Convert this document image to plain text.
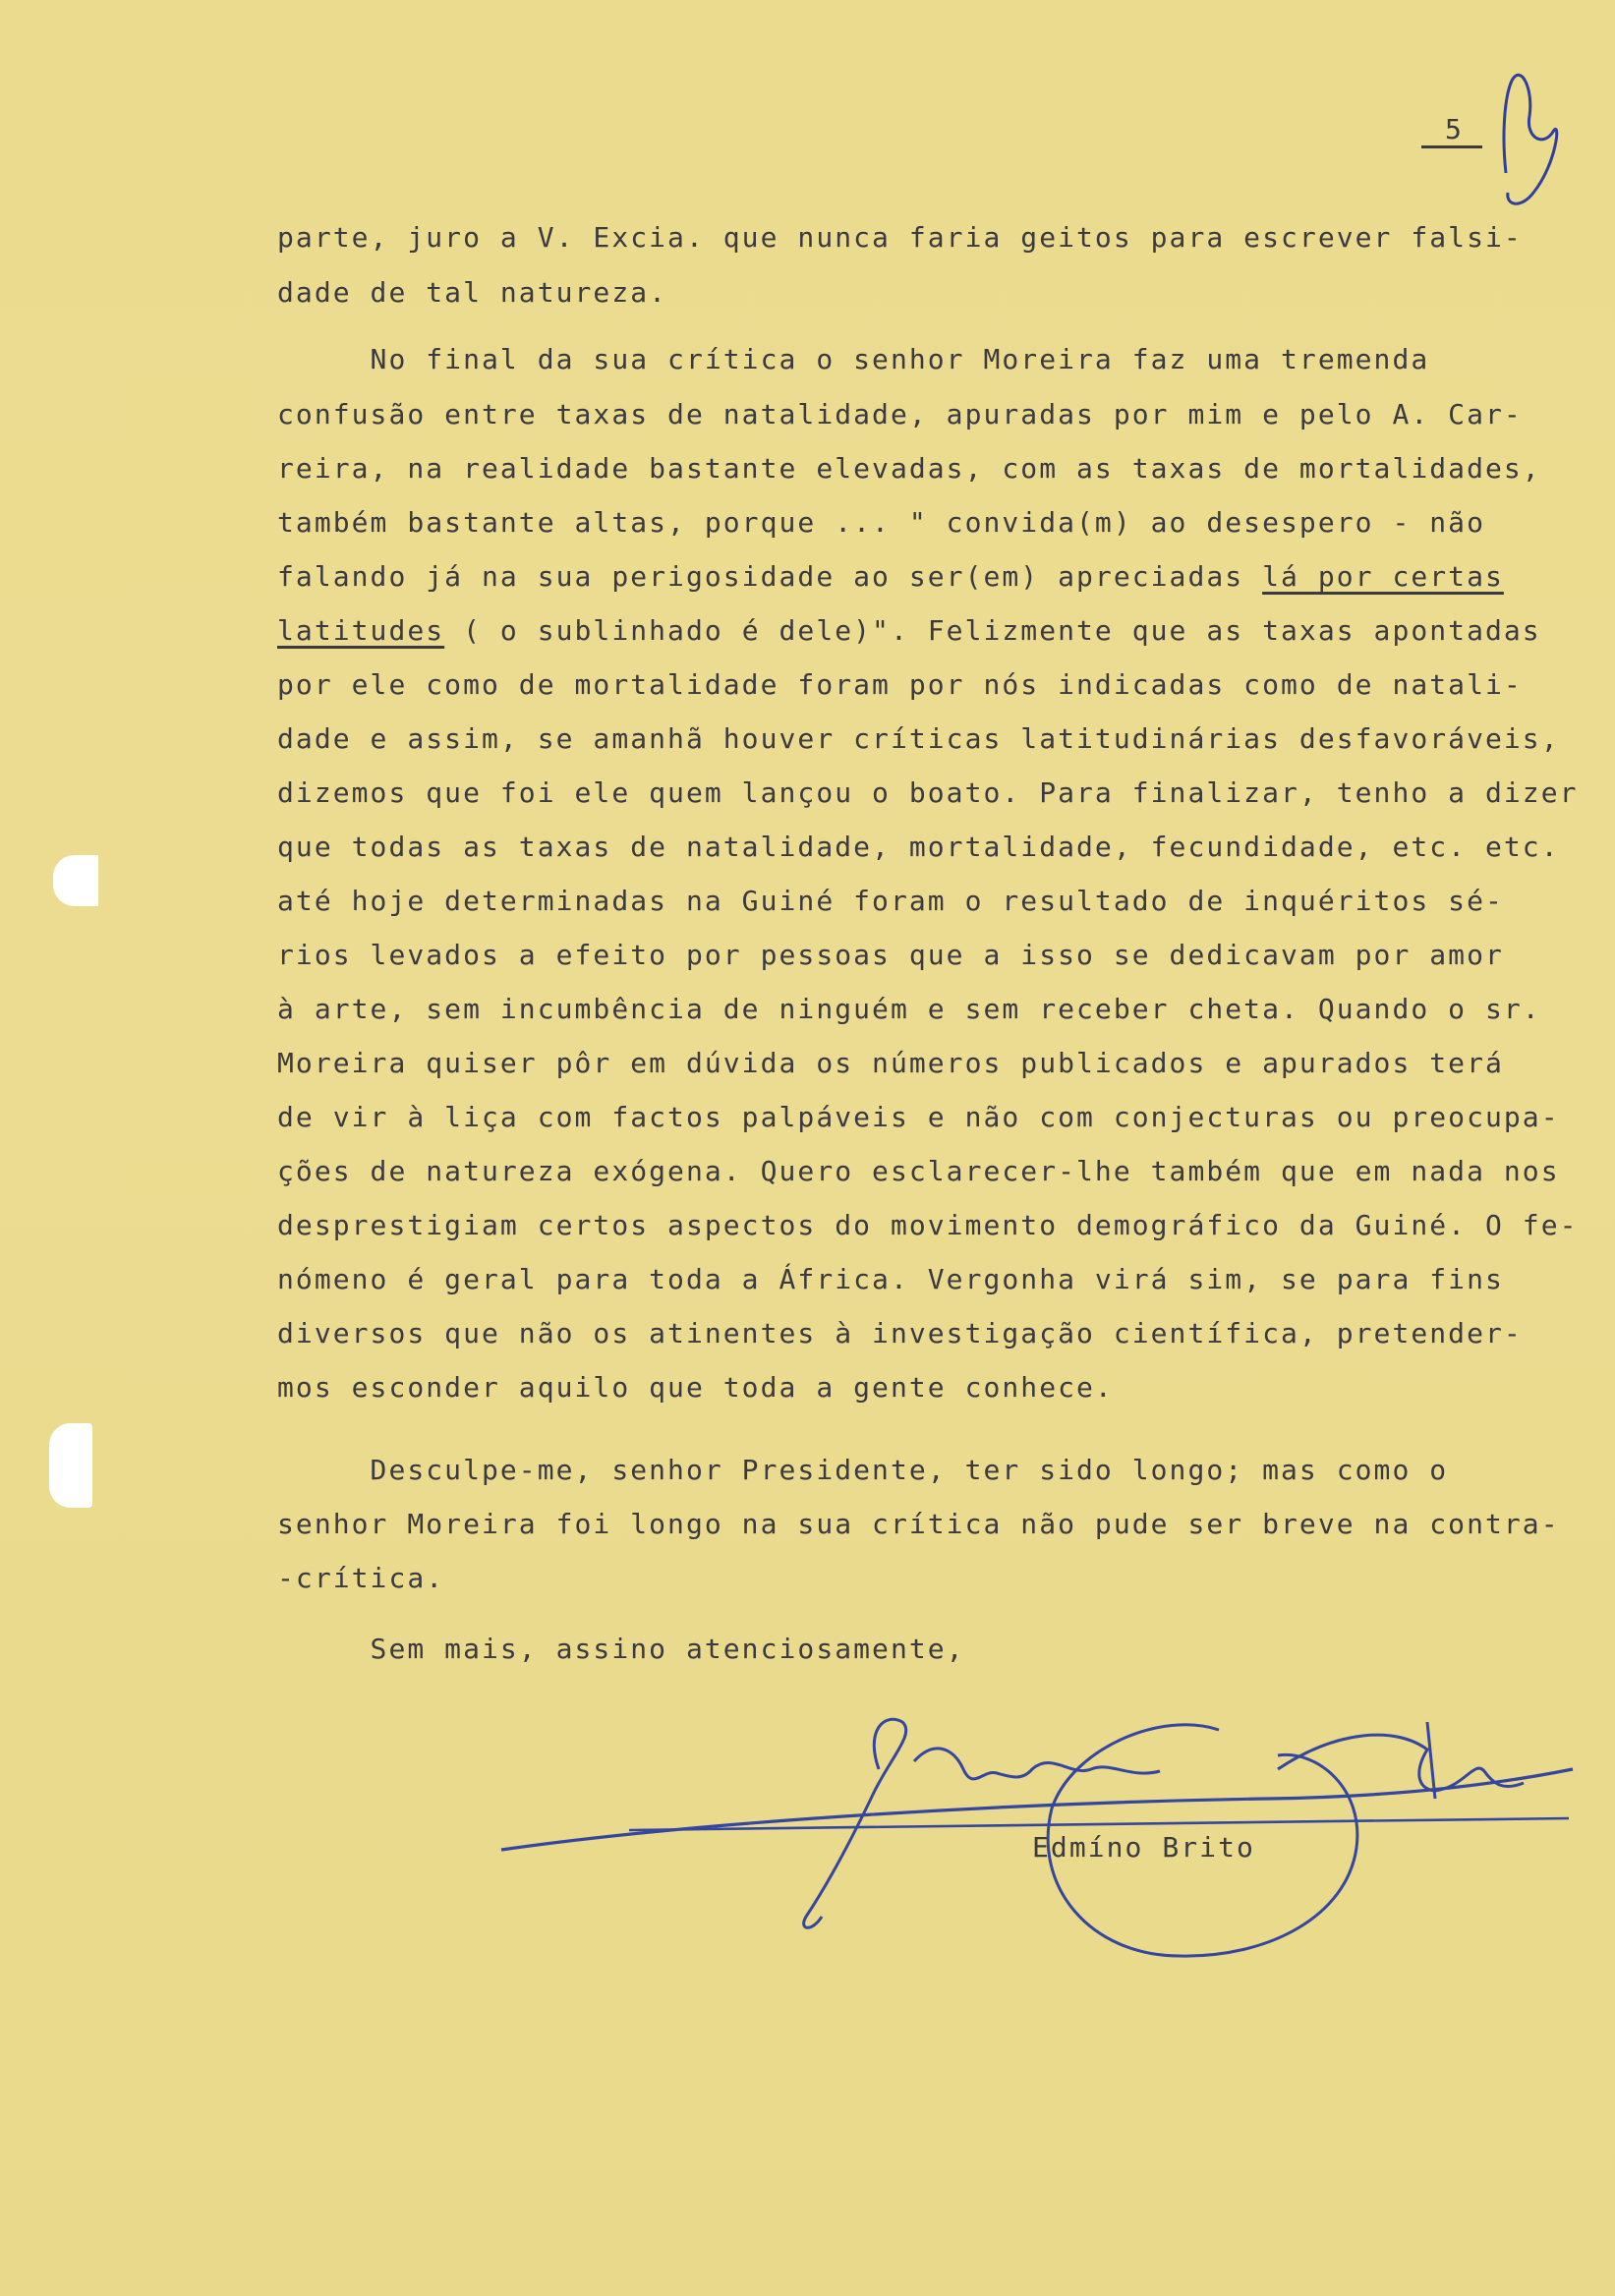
5
parte, juro a V. Excia. que nunca faria geitos para escrever falsi-
dade de tal natureza.
No final da sua crítica o senhor Moreira faz uma tremenda
confusão entre taxas de natalidade, apuradas por mim e pelo A. Car-
reira, na realidade bastante elevadas, com as taxas de mortalidades,
também bastante altas, porque ... " convida(m) ao desespero - não
falando já na sua perigosidade ao ser(em) apreciadas lá por certas
latitudes ( o sublinhado é dele)". Felizmente que as taxas apontadas
por ele como de mortalidade foram por nós indicadas como de natali-
dade e assim, se amanhã houver críticas latitudinárias desfavoráveis,
dizemos que foi ele quem lançou o boato. Para finalizar, tenho a dizer
que todas as taxas de natalidade, mortalidade, fecundidade, etc. etc.
até hoje determinadas na Guiné foram o resultado de inquéritos sé-
rios levados a efeito por pessoas que a isso se dedicavam por amor
à arte, sem incumbência de ninguém e sem receber cheta. Quando o sr.
Moreira quiser pôr em dúvida os números publicados e apurados terá
de vir à liça com factos palpáveis e não com conjecturas ou preocupa-
ções de natureza exógena. Quero esclarecer-lhe também que em nada nos
desprestigiam certos aspectos do movimento demográfico da Guiné. O fe-
nómeno é geral para toda a África. Vergonha virá sim, se para fins
diversos que não os atinentes à investigação científica, pretender-
mos esconder aquilo que toda a gente conhece.
Desculpe-me, senhor Presidente, ter sido longo; mas como o
senhor Moreira foi longo na sua crítica não pude ser breve na contra-
-crítica.
Sem mais, assino atenciosamente,
Edmíno Brito
